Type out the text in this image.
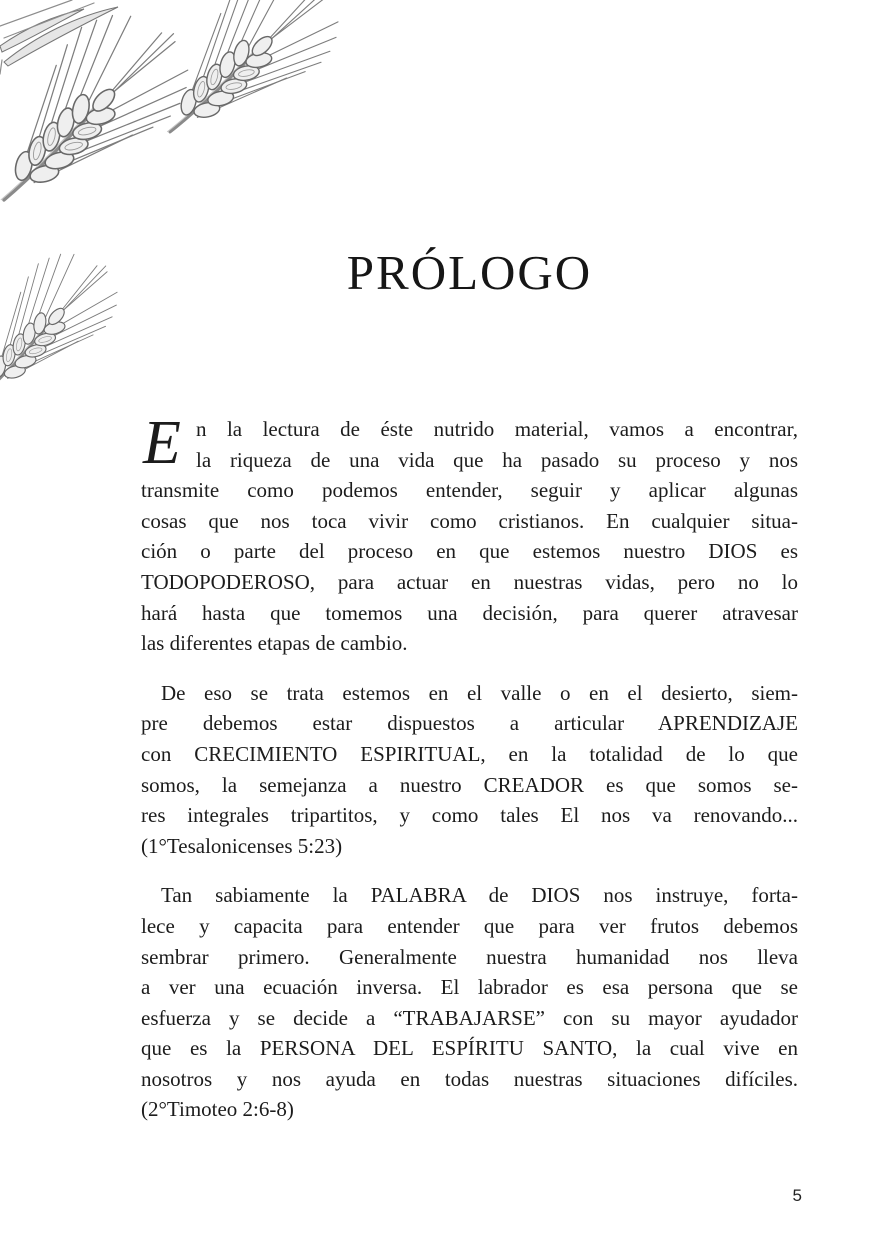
PRÓLOGO
E n la lectura de éste nutrido material, vamos a encontrar,
la riqueza de una vida que ha pasado su proceso y nos
transmite como podemos entender, seguir y aplicar algunas
cosas que nos toca vivir como cristianos. En cualquier situa-
ción o parte del proceso en que estemos nuestro DIOS es
TODOPODEROSO, para actuar en nuestras vidas, pero no lo
hará hasta que tomemos una decisión, para querer atravesar
las diferentes etapas de cambio.
De eso se trata estemos en el valle o en el desierto, siem-
pre debemos estar dispuestos a articular APRENDIZAJE
con CRECIMIENTO ESPIRITUAL, en la totalidad de lo que
somos, la semejanza a nuestro CREADOR es que somos se-
res integrales tripartitos, y como tales El nos va renovando...
(1°Tesalonicenses 5:23)
Tan sabiamente la PALABRA de DIOS nos instruye, forta-
lece y capacita para entender que para ver frutos debemos
sembrar primero. Generalmente nuestra humanidad nos lleva
a ver una ecuación inversa. El labrador es esa persona que se
esfuerza y se decide a “TRABAJARSE” con su mayor ayudador
que es la PERSONA DEL ESPÍRITU SANTO, la cual vive en
nosotros y nos ayuda en todas nuestras situaciones difíciles.
(2°Timoteo 2:6-8)
5
